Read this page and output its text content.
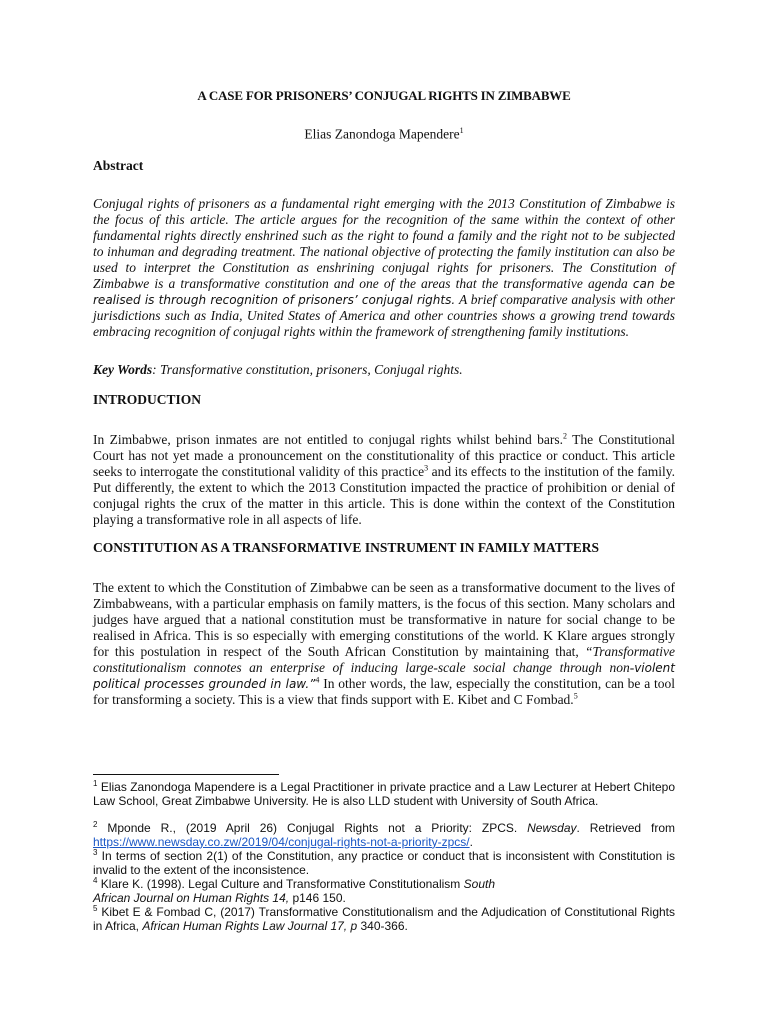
A CASE FOR PRISONERS’ CONJUGAL RIGHTS IN ZIMBABWE
Elias Zanondoga Mapendere$^1$
Abstract
Conjugal rights of prisoners as a fundamental right emerging with the 2013 Constitution of Zimbabwe is the focus of this article. The article argues for the recognition of the same within the context of other fundamental rights directly enshrined such as the right to found a family and the right not to be subjected to inhuman and degrading treatment. The national objective of protecting the family institution can also be used to interpret the Constitution as enshrining conjugal rights for prisoners. The Constitution of Zimbabwe is a transformative constitution and one of the areas that the transformative agenda can be realised is through recognition of prisoners’ conjugal rights. A brief comparative analysis with other jurisdictions such as India, United States of America and other countries shows a growing trend towards embracing recognition of conjugal rights within the framework of strengthening family institutions.
Key Words: Transformative constitution, prisoners, Conjugal rights.
INTRODUCTION
In Zimbabwe, prison inmates are not entitled to conjugal rights whilst behind bars.$^2$ The Constitutional Court has not yet made a pronouncement on the constitutionality of this practice or conduct. This article seeks to interrogate the constitutional validity of this practice$^3$ and its effects to the institution of the family. Put differently, the extent to which the 2013 Constitution impacted the practice of prohibition or denial of conjugal rights the crux of the matter in this article. This is done within the context of the Constitution playing a transformative role in all aspects of life.
CONSTITUTION AS A TRANSFORMATIVE INSTRUMENT IN FAMILY MATTERS
The extent to which the Constitution of Zimbabwe can be seen as a transformative document to the lives of Zimbabweans, with a particular emphasis on family matters, is the focus of this section. Many scholars and judges have argued that a national constitution must be transformative in nature for social change to be realised in Africa. This is so especially with emerging constitutions of the world. K Klare argues strongly for this postulation in respect of the South African Constitution by maintaining that, “Transformative constitutionalism connotes an enterprise of inducing large-scale social change through non-violent political processes grounded in law.”$^4$ In other words, the law, especially the constitution, can be a tool for transforming a society. This is a view that finds support with E. Kibet and C Fombad.$^5$
$^1$ Elias Zanondoga Mapendere is a Legal Practitioner in private practice and a Law Lecturer at Hebert Chitepo Law School, Great Zimbabwe University. He is also LLD student with University of South Africa.
$^2$ Mponde R., (2019 April 26) Conjugal Rights not a Priority: ZPCS. Newsday. Retrieved from https://www.newsday.co.zw/2019/04/conjugal-rights-not-a-priority-zpcs/.
$^3$ In terms of section 2(1) of the Constitution, any practice or conduct that is inconsistent with Constitution is invalid to the extent of the inconsistence.
$^4$ Klare K. (1998). Legal Culture and Transformative Constitutionalism South
African Journal on Human Rights 14, p146 150.
$^5$ Kibet E & Fombad C, (2017) Transformative Constitutionalism and the Adjudication of Constitutional Rights in Africa, African Human Rights Law Journal 17, p 340-366.
